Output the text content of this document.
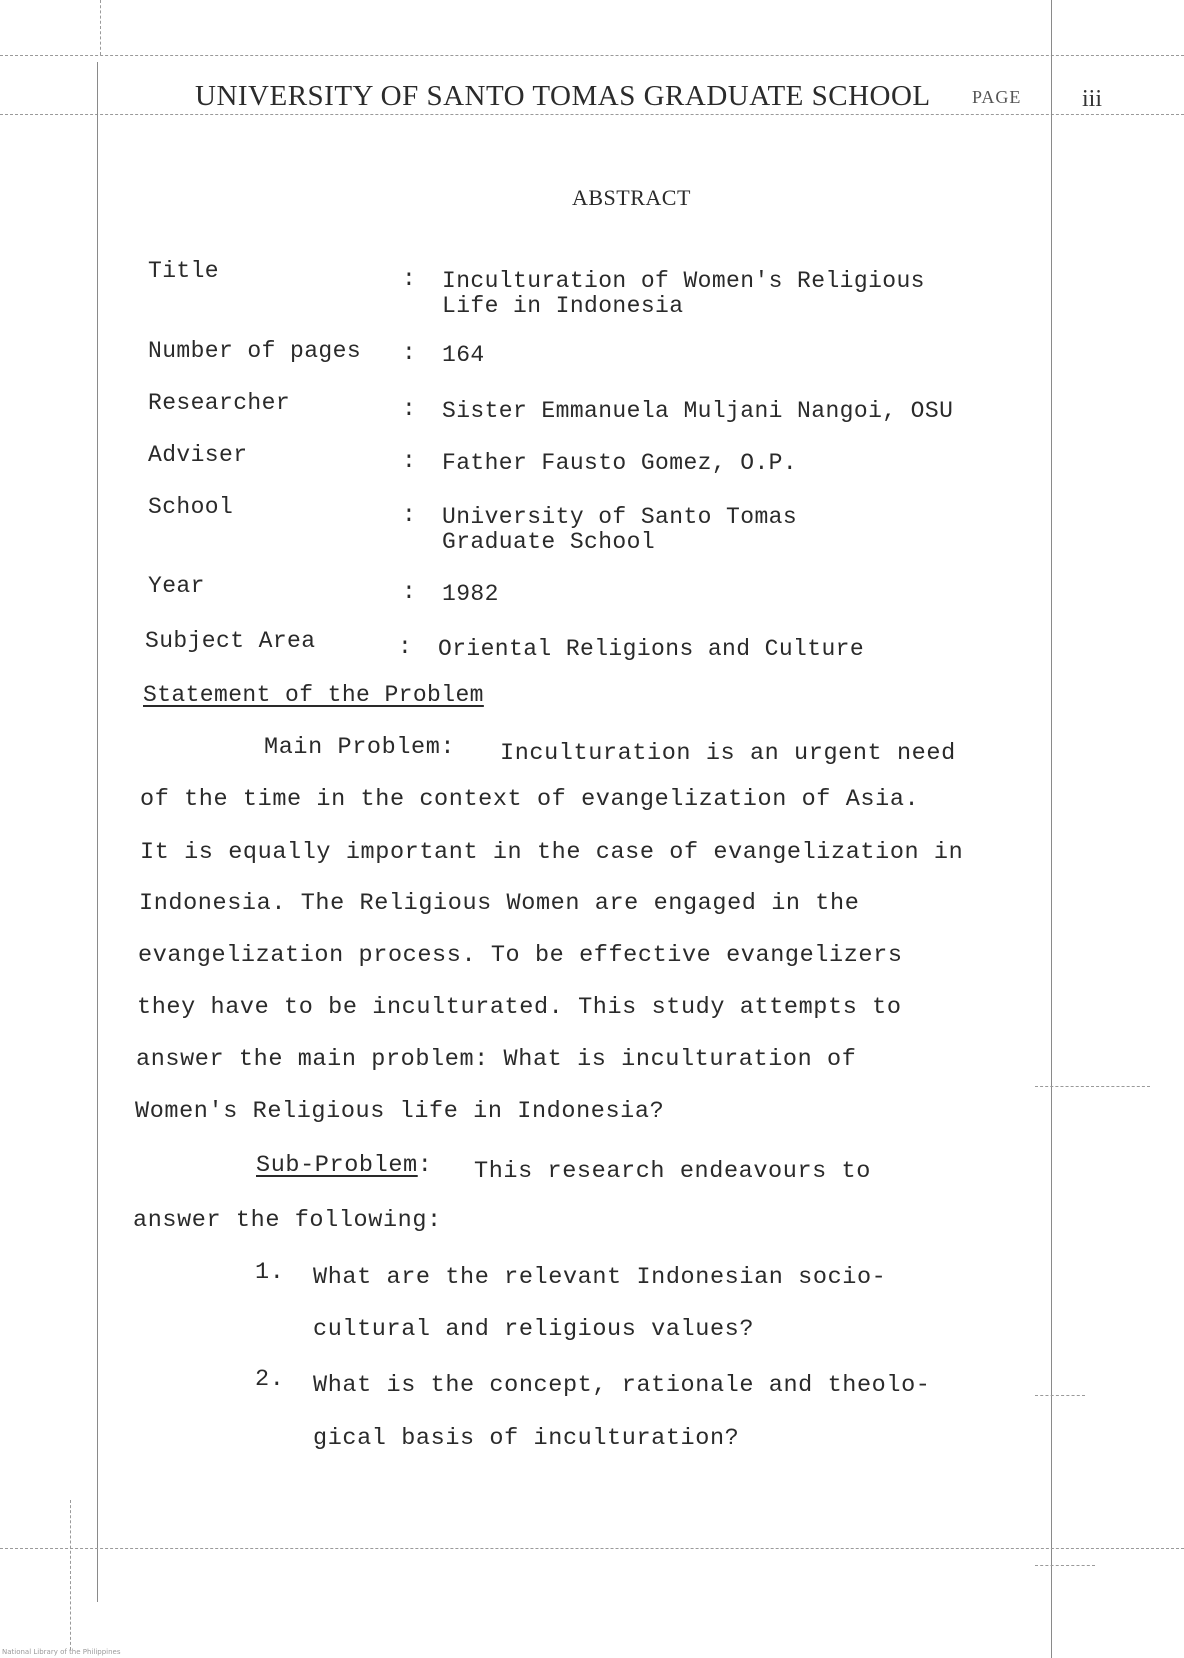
UNIVERSITY OF SANTO TOMAS GRADUATE SCHOOL PAGE	iii
ABSTRACT
Title	: Inculturation of Women's Religious
Life in Indonesia
Number of pages : 164
Researcher	: Sister Emmanuela Muljani Nangoi, OSU
Adviser	: Father Fausto Gomez, O.P.
School	: University of Santo Tomas
Graduate School
Year	: 1982
Subject Area	: Oriental Religions and Culture
Statement of the Problem
Main Problem: Inculturation is an urgent need
of the time in the context of evangelization of Asia.
It is equally important in the case of evangelization in
Indonesia. The Religious Women are engaged in the
evangelization process. To be effective evangelizers
they have to be inculturated. This study attempts to
answer the main problem: What is inculturation of
Women's Religious life in Indonesia?
Sub-Problem: This research endeavours to
answer the following:
1. What are the relevant Indonesian socio-
cultural and religious values?
2. What is the concept, rationale and theolo-
gical basis of inculturation?
National Library of the Philippines
